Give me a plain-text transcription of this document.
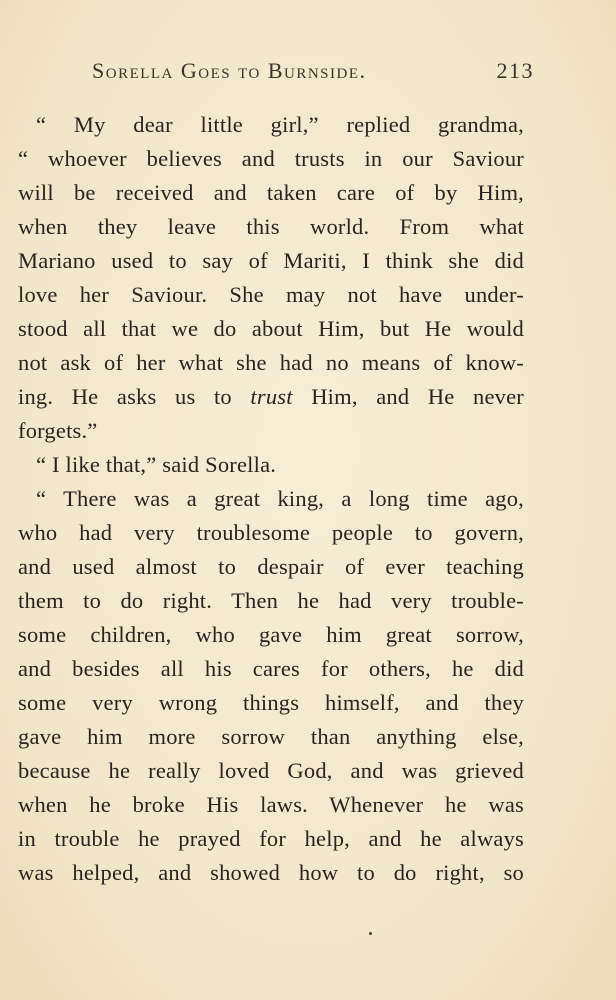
Sorella Goes to Burnside.	213
“ My dear little girl,” replied grandma,
“ whoever believes and trusts in our Saviour
will be received and taken care of by Him,
when they leave this world. From what
Mariano used to say of Mariti, I think she did
love her Saviour. She may not have under-
stood all that we do about Him, but He would
not ask of her what she had no means of know-
ing. He asks us to trust Him, and He never
forgets.”
“ I like that,” said Sorella.
“ There was a great king, a long time ago,
who had very troublesome people to govern,
and used almost to despair of ever teaching
them to do right. Then he had very trouble-
some children, who gave him great sorrow,
and besides all his cares for others, he did
some very wrong things himself, and they
gave him more sorrow than anything else,
because he really loved God, and was grieved
when he broke His laws. Whenever he was
in trouble he prayed for help, and he always
was helped, and showed how to do right, so
